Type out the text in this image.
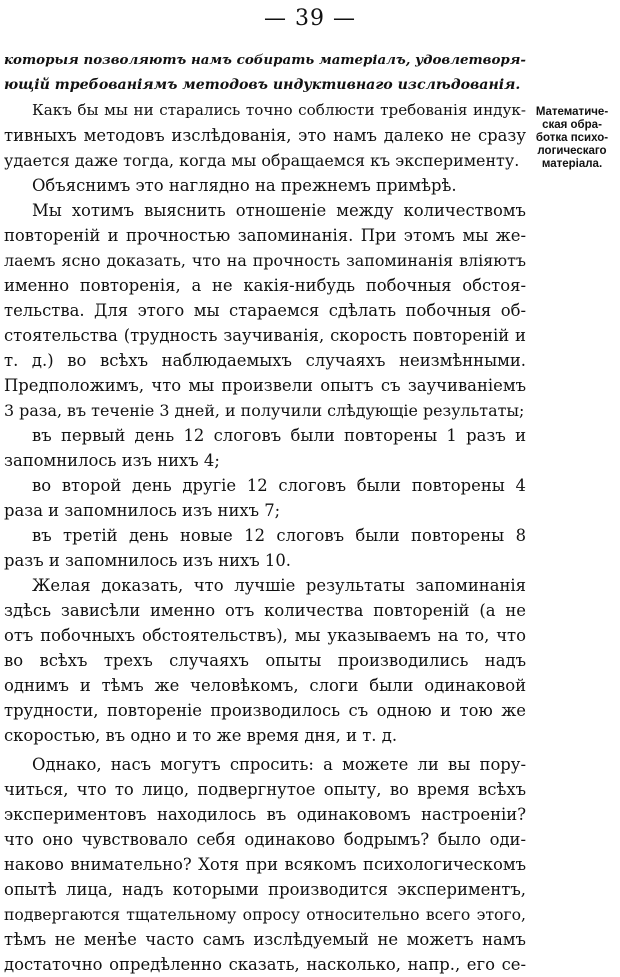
— 39 —
которыя позволяютъ намъ собирать матеріалъ, удовлетворя-
ющій требованіямъ методовъ индуктивнаго изслѣдованія.
Какъ бы мы ни старались точно соблюсти требованія индук-
тивныхъ методовъ изслѣдованія, это намъ далеко не сразу
удается даже тогда, когда мы обращаемся къ эксперименту.
Объяснимъ это наглядно на прежнемъ примѣрѣ.
Мы хотимъ выяснить отношеніе между количествомъ
повтореній и прочностью запоминанія. При этомъ мы же-
лаемъ ясно доказать, что на прочность запоминанія вліяютъ
именно повторенія, а не какія-нибудь побочныя обстоя-
тельства. Для этого мы стараемся сдѣлать побочныя об-
стоятельства (трудность заучиванія, скорость повтореній и
т. д.) во всѣхъ наблюдаемыхъ случаяхъ неизмѣнными.
Предположимъ, что мы произвели опытъ съ заучиваніемъ
3 раза, въ теченіе 3 дней, и получили слѣдующіе результаты;
въ первый день 12 слоговъ были повторены 1 разъ и
запомнилось изъ нихъ 4;
во второй день другіе 12 слоговъ были повторены 4
раза и запомнилось изъ нихъ 7;
въ третій день новые 12 слоговъ были повторены 8
разъ и запомнилось изъ нихъ 10.
Желая доказать, что лучшіе результаты запоминанія
здѣсь зависѣли именно отъ количества повтореній (а не
отъ побочныхъ обстоятельствъ), мы указываемъ на то, что
во всѣхъ трехъ случаяхъ опыты производились надъ
однимъ и тѣмъ же человѣкомъ, слоги были одинаковой
трудности, повтореніе производилось съ одною и тою же
скоростью, въ одно и то же время дня, и т. д.
Однако, насъ могутъ спросить: а можете ли вы пору-
читься, что то лицо, подвергнутое опыту, во время всѣхъ
экспериментовъ находилось въ одинаковомъ настроеніи?
что оно чувствовало себя одинаково бодрымъ? было оди-
наково внимательно? Хотя при всякомъ психологическомъ
опытѣ лица, надъ которыми производится экспериментъ,
подвергаются тщательному опросу относительно всего этого,
тѣмъ не менѣе часто самъ изслѣдуемый не можетъ намъ
достаточно опредѣленно сказать, насколько, напр., его се-
Математиче-
ская обра-
ботка психо-
логическаго
матеріала.
